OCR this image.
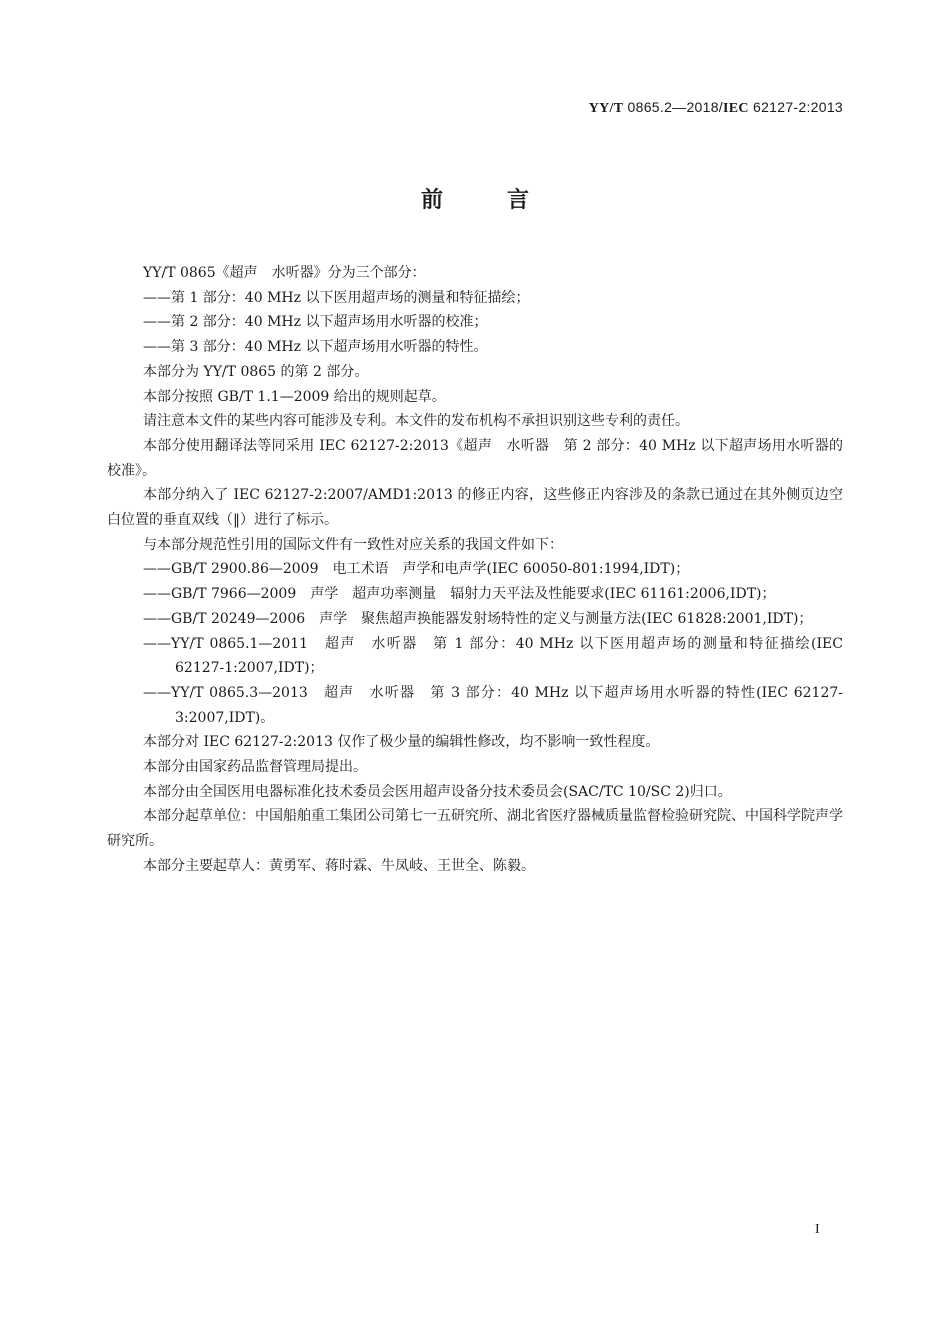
YY/T 0865.2—2018/IEC 62127-2:2013
前	言

YY/T 0865《超声　水听器》分为三个部分：

——第 1 部分：40 MHz 以下医用超声场的测量和特征描绘；

——第 2 部分：40 MHz 以下超声场用水听器的校准；

——第 3 部分：40 MHz 以下超声场用水听器的特性。

本部分为 YY/T 0865 的第 2 部分。

本部分按照 GB/T 1.1—2009 给出的规则起草。

请注意本文件的某些内容可能涉及专利。本文件的发布机构不承担识别这些专利的责任。

本部分使用翻译法等同采用 IEC 62127-2:2013《超声　水听器　第 2 部分：40 MHz 以下超声场用水听器的校准》。

本部分纳入了 IEC 62127-2:2007/AMD1:2013 的修正内容，这些修正内容涉及的条款已通过在其外侧页边空白位置的垂直双线（‖）进行了标示。

与本部分规范性引用的国际文件有一致性对应关系的我国文件如下：

——GB/T 2900.86—2009　电工术语　声学和电声学(IEC 60050-801:1994,IDT)；

——GB/T 7966—2009　声学　超声功率测量　辐射力天平法及性能要求(IEC 61161:2006,IDT)；

——GB/T 20249—2006　声学　聚焦超声换能器发射场特性的定义与测量方法(IEC 61828:2001,IDT)；

——YY/T 0865.1—2011　超声　水听器　第 1 部分：40 MHz 以下医用超声场的测量和特征描绘(IEC 62127-1:2007,IDT)；

——YY/T 0865.3—2013　超声　水听器　第 3 部分：40 MHz 以下超声场用水听器的特性(IEC 62127-3:2007,IDT)。

本部分对 IEC 62127-2:2013 仅作了极少量的编辑性修改，均不影响一致性程度。

本部分由国家药品监督管理局提出。

本部分由全国医用电器标准化技术委员会医用超声设备分技术委员会(SAC/TC 10/SC 2)归口。

本部分起草单位：中国船舶重工集团公司第七一五研究所、湖北省医疗器械质量监督检验研究院、中国科学院声学研究所。

本部分主要起草人：黄勇军、蒋时霖、牛凤岐、王世全、陈毅。

I
